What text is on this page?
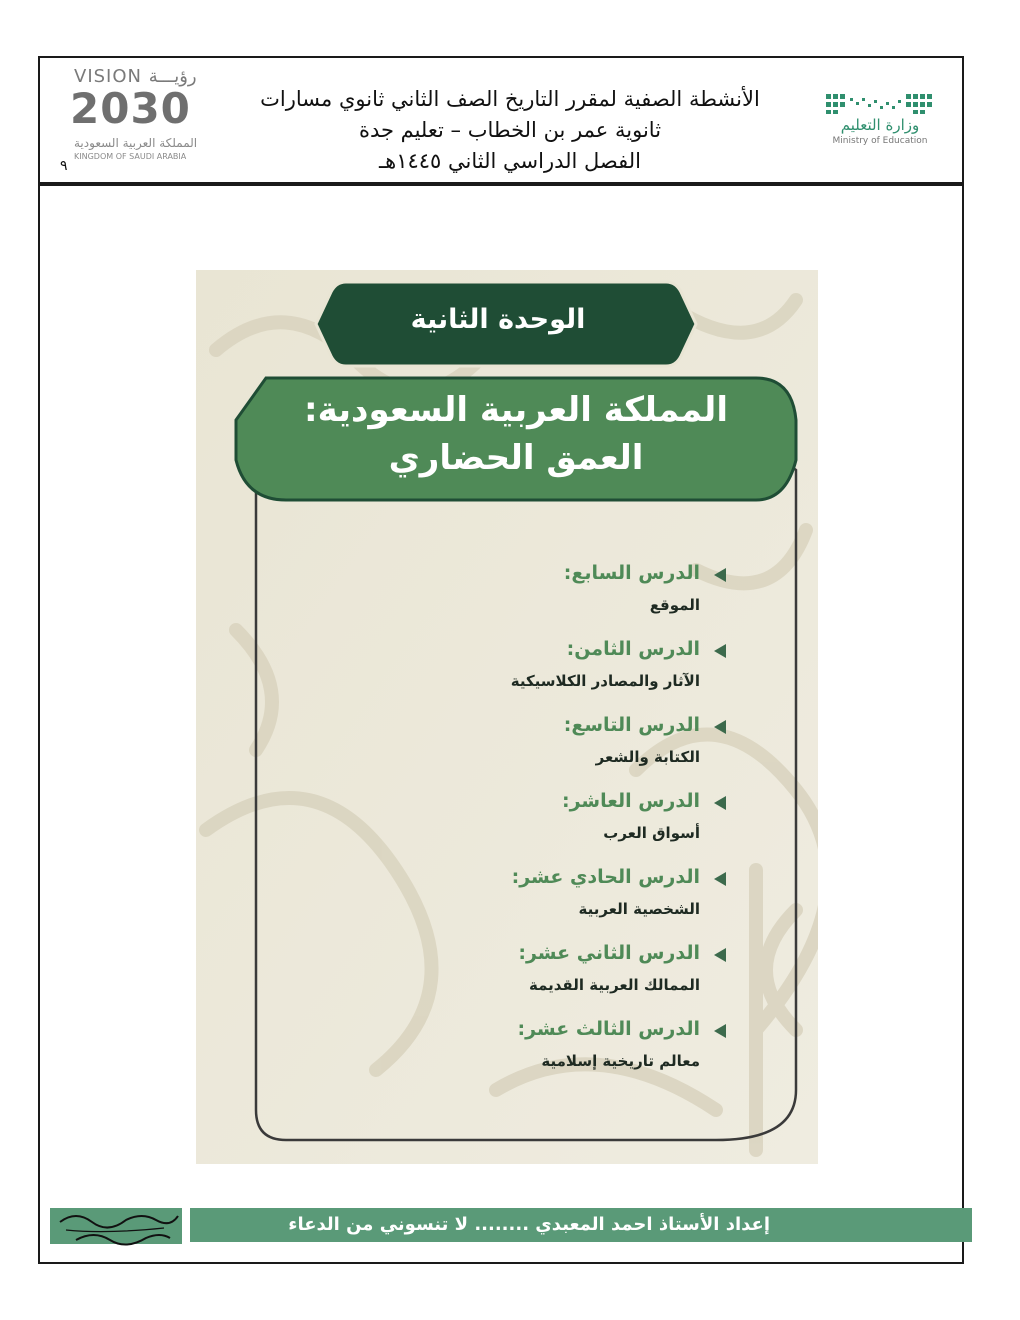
VISION رؤيـــة
2030
المملكة العربية السعودية
KINGDOM OF SAUDI ARABIA
الأنشطة الصفية لمقرر التاريخ الصف الثاني ثانوي مسارات
ثانوية عمر بن الخطاب – تعليم جدة
الفصل الدراسي الثاني ١٤٤٥هـ
٩
وزارة التعليم
Ministry of Education
الوحدة الثانية
المملكة العربية السعودية:
العمق الحضاري
الدرس السابع:
الموقع
الدرس الثامن:
الآثار والمصادر الكلاسيكية
الدرس التاسع:
الكتابة والشعر
الدرس العاشر:
أسواق العرب
الدرس الحادي عشر:
الشخصية العربية
الدرس الثاني عشر:
الممالك العربية القديمة
الدرس الثالث عشر:
معالم تاريخية إسلامية
إعداد الأستاذ احمد المعبدي ........ لا تنسوني من الدعاء
